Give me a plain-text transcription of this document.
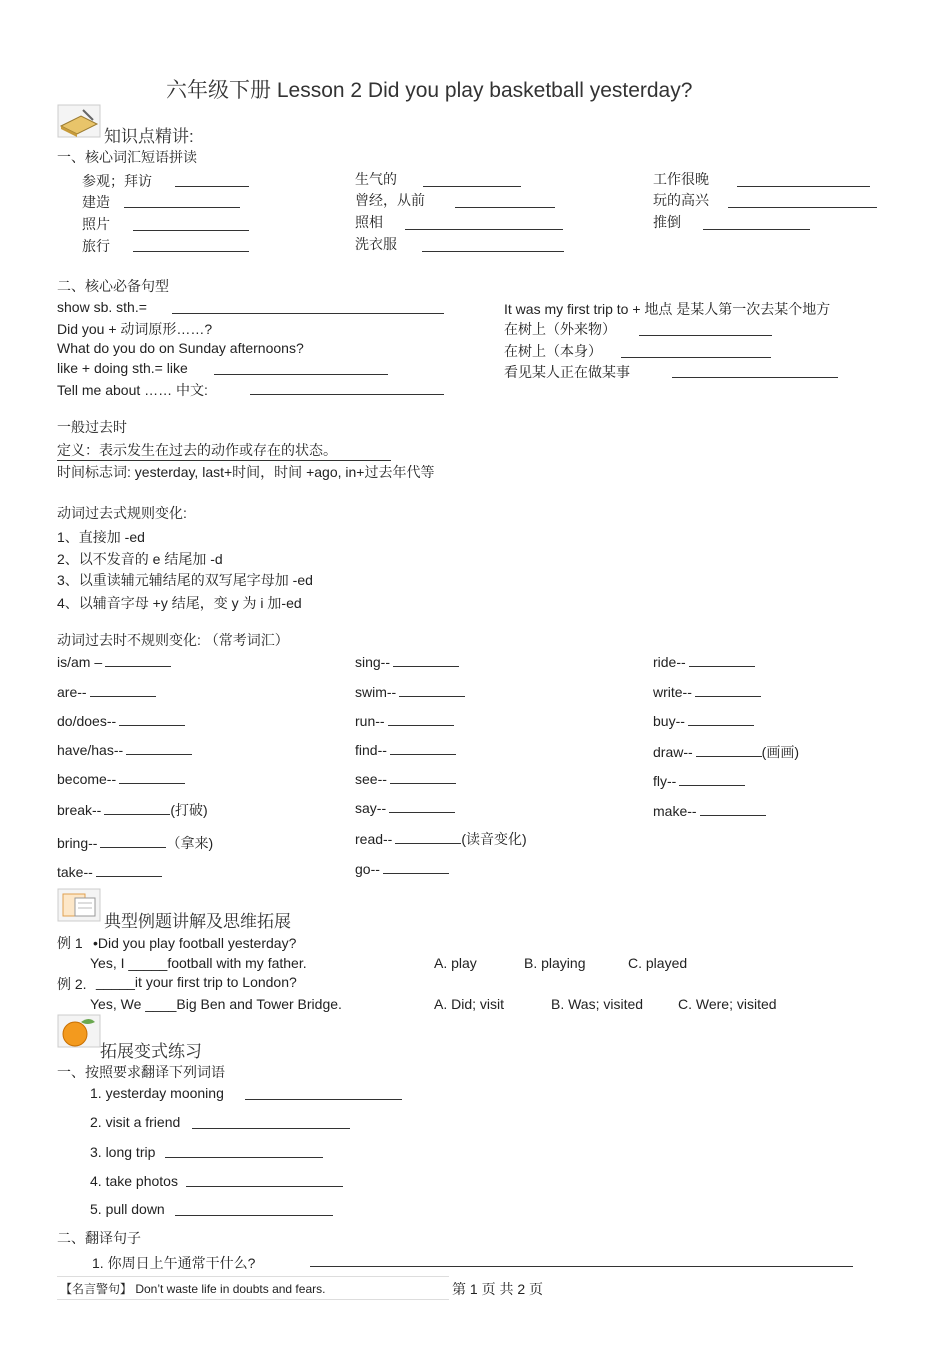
六年级下册 Lesson 2 Did you play basketball yesterday?
知识点精讲:
一、核心词汇短语拼读
参观；拜访
建造
照片
旅行
生气的
曾经，从前
照相
洗衣服
工作很晚
玩的高兴
推倒
二、核心必备句型
show sb. sth.=
Did you + 动词原形……?
What do you do on Sunday afternoons?
like + doing sth.= like
Tell me about …… 中文:
It was my first trip to + 地点 是某人第一次去某个地方
在树上（外来物）
在树上（本身）
看见某人正在做某事
一般过去时
定义：表示发生在过去的动作或存在的状态。
时间标志词: yesterday, last+时间，时间 +ago, in+过去年代等
动词过去式规则变化:
1、直接加 -ed
2、以不发音的 e 结尾加 -d
3、以重读辅元辅结尾的双写尾字母加 -ed
4、以辅音字母 +y 结尾，变 y 为 i 加-ed
动词过去时不规则变化: （常考词汇）
is/am –
are--
do/does--
have/has--
become--
break--	(打破)
bring--	（拿来)
take--
sing--
swim--
run--
find--
see--
say--
read--	(读音变化)
go--
ride--
write--
buy--
draw--	(画画)
fly--
make--
典型例题讲解及思维拓展
例 1 •Did you play football yesterday?
Yes, I _____football with my father.	A. play	B. playing	C. played
例 2. _____it your first trip to London?
Yes, We ____Big Ben and Tower Bridge.	A. Did; visit	B. Was; visited C. Were; visited
拓展变式练习
一、按照要求翻译下列词语
1. yesterday mooning
2. visit a friend
3. long trip
4. take photos
5. pull down
二、翻译句子
1. 你周日上午通常干什么?
【名言警句】 Don’t waste life in doubts and fears.	第 1 页 共 2 页
